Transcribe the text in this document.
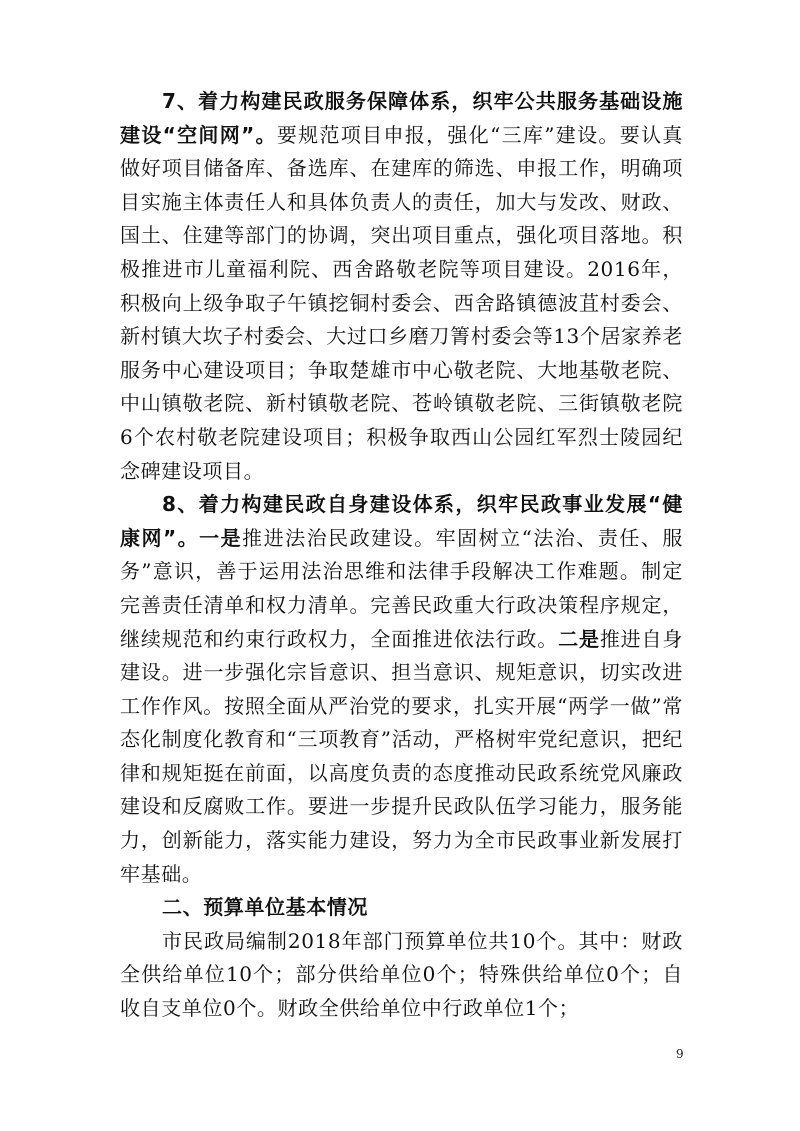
7、着力构建民政服务保障体系，织牢公共服务基础设施建设“空间网”。要规范项目申报，强化“三库”建设。要认真做好项目储备库、备选库、在建库的筛选、申报工作，明确项目实施主体责任人和具体负责人的责任，加大与发改、财政、国土、住建等部门的协调，突出项目重点，强化项目落地。积极推进市儿童福利院、西舍路敬老院等项目建设。2016年，积极向上级争取子午镇挖铜村委会、西舍路镇德波苴村委会、新村镇大坎子村委会、大过口乡磨刀箐村委会等13个居家养老服务中心建设项目；争取楚雄市中心敬老院、大地基敬老院、中山镇敬老院、新村镇敬老院、苍岭镇敬老院、三街镇敬老院6个农村敬老院建设项目；积极争取西山公园红军烈士陵园纪念碑建设项目。

8、着力构建民政自身建设体系，织牢民政事业发展“健康网”。一是推进法治民政建设。牢固树立“法治、责任、服务”意识，善于运用法治思维和法律手段解决工作难题。制定完善责任清单和权力清单。完善民政重大行政决策程序规定，继续规范和约束行政权力，全面推进依法行政。二是推进自身建设。进一步强化宗旨意识、担当意识、规矩意识，切实改进工作作风。按照全面从严治党的要求，扎实开展“两学一做”常态化制度化教育和“三项教育”活动，严格树牢党纪意识，把纪律和规矩挺在前面，以高度负责的态度推动民政系统党风廉政建设和反腐败工作。要进一步提升民政队伍学习能力，服务能力，创新能力，落实能力建设，努力为全市民政事业新发展打牢基础。

二、预算单位基本情况

市民政局编制2018年部门预算单位共10个。其中：财政全供给单位10个；部分供给单位0个；特殊供给单位0个；自收自支单位0个。财政全供给单位中行政单位1个；

9
